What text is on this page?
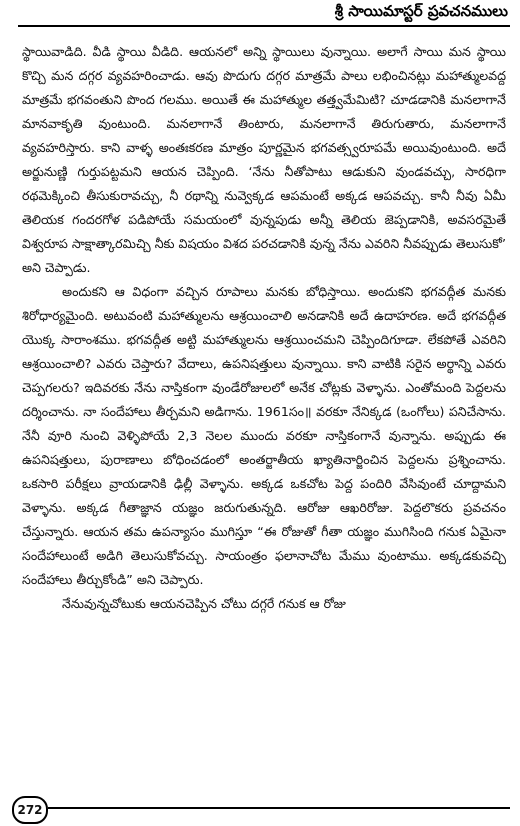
శ్రీ సాయిమాస్టర్ ప్రవచనములు

స్థాయివాడిది. వీడి స్థాయి వీడిది. ఆయనలో అన్ని స్థాయిలు వున్నాయి. అలాగే సాయి మన స్థాయి కొచ్చి మన దగ్గర వ్యవహరించాడు. ఆవు పొదుగు దగ్గర మాత్రమే పాలు లభించినట్లు మహాత్ములవద్ద మాత్రమే భగవంతుని పొంద గలము. అయితే ఈ మహాత్ముల తత్త్వమేమిటి? చూడడానికి మనలాగానే మానవాకృతి వుంటుంది. మనలాగానే తింటారు, మనలాగానే తిరుగుతారు, మనలాగానే వ్యవహరిస్తారు. కాని వాళ్ళ అంతఃకరణ మాత్రం పూర్ణమైన భగవత్స్వరూపమే అయివుంటుంది. అదే అర్జునుణ్ణి గుర్తుపట్టమని ఆయన చెప్పింది. ‘నేను నీతోపాటు ఆడుకుని వుండవచ్చు, సారధిగా రథమెక్కించి తీసుకురావచ్చు, నీ రథాన్ని నువ్వెక్కడ ఆపమంటే అక్కడ ఆపవచ్చు. కానీ నీవు ఏమీ తెలియక గందరగోళ పడిపోయే సమయంలో వున్నపుడు అన్నీ తెలియ జెప్పడానికి, అవసరమైతే విశ్వరూప సాక్షాత్కారమిచ్చి నీకు విషయం విశద పరచడానికి వున్న నేను ఎవరిని నీవప్పుడు తెలుసుకో’ అని చెప్పాడు.

అందుకని ఆ విధంగా వచ్చిన రూపాలు మనకు బోధిస్తాయి. అందుకని భగవద్గీత మనకు శిరోధార్యమైంది. అటువంటి మహాత్ములను ఆశ్రయించాలి అనడానికి అదే ఉదాహరణ. అదే భగవద్గీత యొక్క సారాంశము. భగవద్గీత అట్టి మహాత్ములను ఆశ్రయించమని చెప్పిందిగూడా. లేకపోతే ఎవరిని ఆశ్రయించాలి? ఎవరు చెప్తారు? వేదాలు, ఉపనిషత్తులు వున్నాయి. కాని వాటికి సరైన అర్థాన్ని ఎవరు చెప్పగలరు? ఇదివరకు నేను నాస్తికంగా వుండేరోజులలో అనేక చోట్లకు వెళ్ళాను. ఎంతోమంది పెద్దలను దర్శించాను. నా సందేహాలు తీర్చమని అడిగాను. 1961సం॥ వరకూ నేనిక్కడ (ఒంగోలు) పనిచేసాను. నేనీ వూరి నుంచి వెళ్ళిపోయే 2,3 నెలల ముందు వరకూ నాస్తికంగానే వున్నాను. అప్పుడు ఈ ఉపనిషత్తులు, పురాణాలు బోధించడంలో అంతర్జాతీయ ఖ్యాతినార్జించిన పెద్దలను ప్రశ్నించాను. ఒకసారి పరీక్షలు వ్రాయడానికి ఢిల్లీ వెళ్ళాను. అక్కడ ఒకచోట పెద్ద పందిరి వేసివుంటే చూద్దామని వెళ్ళాను. అక్కడ గీతాజ్ఞాన యజ్ఞం జరుగుతున్నది. ఆరోజు ఆఖరిరోజు. పెద్దలొకరు ప్రవచనం చేస్తున్నారు. ఆయన తమ ఉపన్యాసం ముగిస్తూ “ఈ రోజుతో గీతా యజ్ఞం ముగిసింది గనుక ఏమైనా సందేహాలుంటే అడిగి తెలుసుకోవచ్చు. సాయంత్రం ఫలానాచోట మేము వుంటాము. అక్కడకువచ్చి సందేహాలు తీర్చుకోండి” అని చెప్పారు.

నేనువున్నచోటుకు ఆయనచెప్పిన చోటు దగ్గరే గనుక ఆ రోజు

272
